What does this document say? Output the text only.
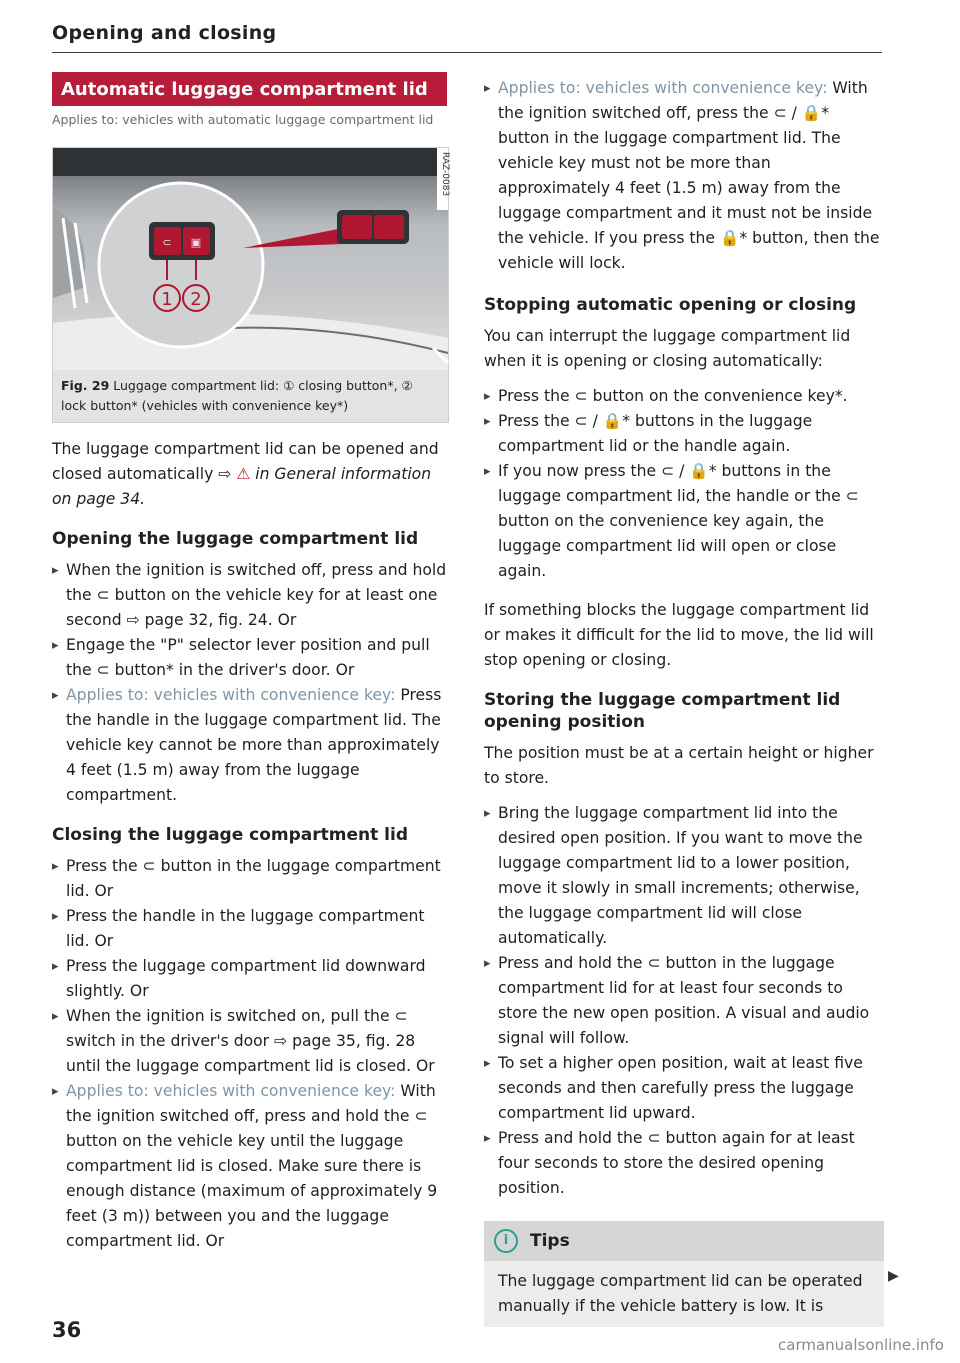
Opening and closing
Automatic luggage compartment lid
Applies to: vehicles with automatic luggage compartment lid
⊂ ▣
1 2
RAZ-0083
Fig. 29 Luggage compartment lid: ① closing button*, ② lock button* (vehicles with convenience key*)

The luggage compartment lid can be opened and closed automatically ⇨ ⚠ in General information on page 34.

Opening the luggage compartment lid
▸ When the ignition is switched off, press and hold the ⊂ button on the vehicle key for at least one second ⇨ page 32, fig. 24. Or
▸ Engage the "P" selector lever position and pull the ⊂ button* in the driver's door. Or
▸ Applies to: vehicles with convenience key: Press the handle in the luggage compartment lid. The vehicle key cannot be more than approximately 4 feet (1.5 m) away from the luggage compartment.
Closing the luggage compartment lid
▸ Press the ⊂ button in the luggage compartment lid. Or
▸ Press the handle in the luggage compartment lid. Or
▸ Press the luggage compartment lid downward slightly. Or
▸ When the ignition is switched on, pull the ⊂ switch in the driver's door ⇨ page 35, fig. 28 until the luggage compartment lid is closed. Or
▸ Applies to: vehicles with convenience key: With the ignition switched off, press and hold the ⊂ button on the vehicle key until the luggage compartment lid is closed. Make sure there is enough distance (maximum of approximately 9 feet (3 m)) between you and the luggage compartment lid. Or
▸ Applies to: vehicles with convenience key: With the ignition switched off, press the ⊂ / 🔒* button in the luggage compartment lid. The vehicle key must not be more than approximately 4 feet (1.5 m) away from the luggage compartment and it must not be inside the vehicle. If you press the 🔒* button, then the vehicle will lock.
Stopping automatic opening or closing

You can interrupt the luggage compartment lid when it is opening or closing automatically:

▸ Press the ⊂ button on the convenience key*.
▸ Press the ⊂ / 🔒* buttons in the luggage compartment lid or the handle again.
▸ If you now press the ⊂ / 🔒* buttons in the luggage compartment lid, the handle or the ⊂ button on the convenience key again, the luggage compartment lid will open or close again.

If something blocks the luggage compartment lid or makes it difficult for the lid to move, the lid will stop opening or closing.

Storing the luggage compartment lid opening position

The position must be at a certain height or higher to store.

▸ Bring the luggage compartment lid into the desired open position. If you want to move the luggage compartment lid to a lower position, move it slowly in small increments; otherwise, the luggage compartment lid will close automatically.
▸ Press and hold the ⊂ button in the luggage compartment lid for at least four seconds to store the new open position. A visual and audio signal will follow.
▸ To set a higher open position, wait at least five seconds and then carefully press the luggage compartment lid upward.
▸ Press and hold the ⊂ button again for at least four seconds to store the desired opening position.
i	Tips
The luggage compartment lid can be operated manually if the vehicle battery is low. It is
▶
36
carmanualsonline.info
